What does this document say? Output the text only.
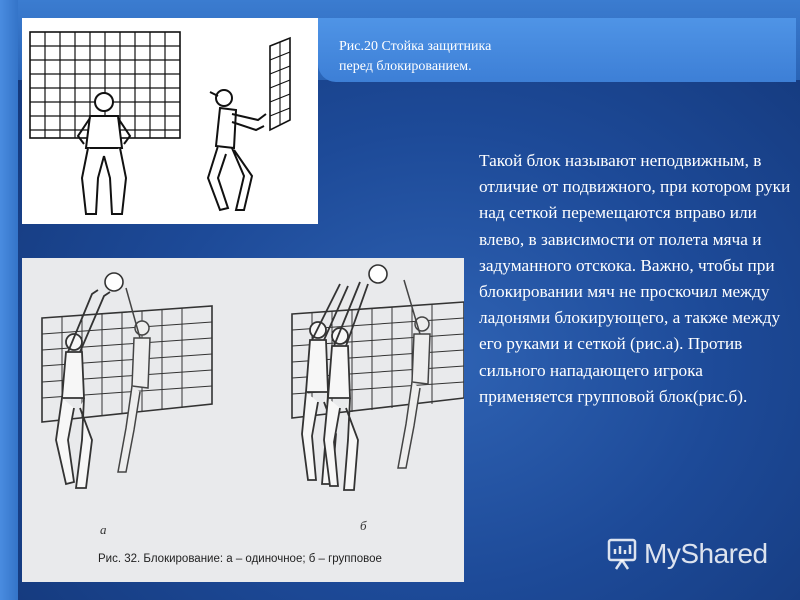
Рис.20 Стойка защитника
перед блокированием.

а	б
Рис. 32. Блокирование: а – одиночное; б – групповое

Такой блок называют неподвижным, в отличие от подвижного, при котором руки над сеткой перемещаются вправо или влево, в зависимости от полета мяча и задуманного отскока. Важно, чтобы при блокировании мяч не проскочил между ладонями блокирующего, а также между его руками и сеткой (рис.а). Против сильного нападающего игрока применяется групповой блок(рис.б).

MyShared
